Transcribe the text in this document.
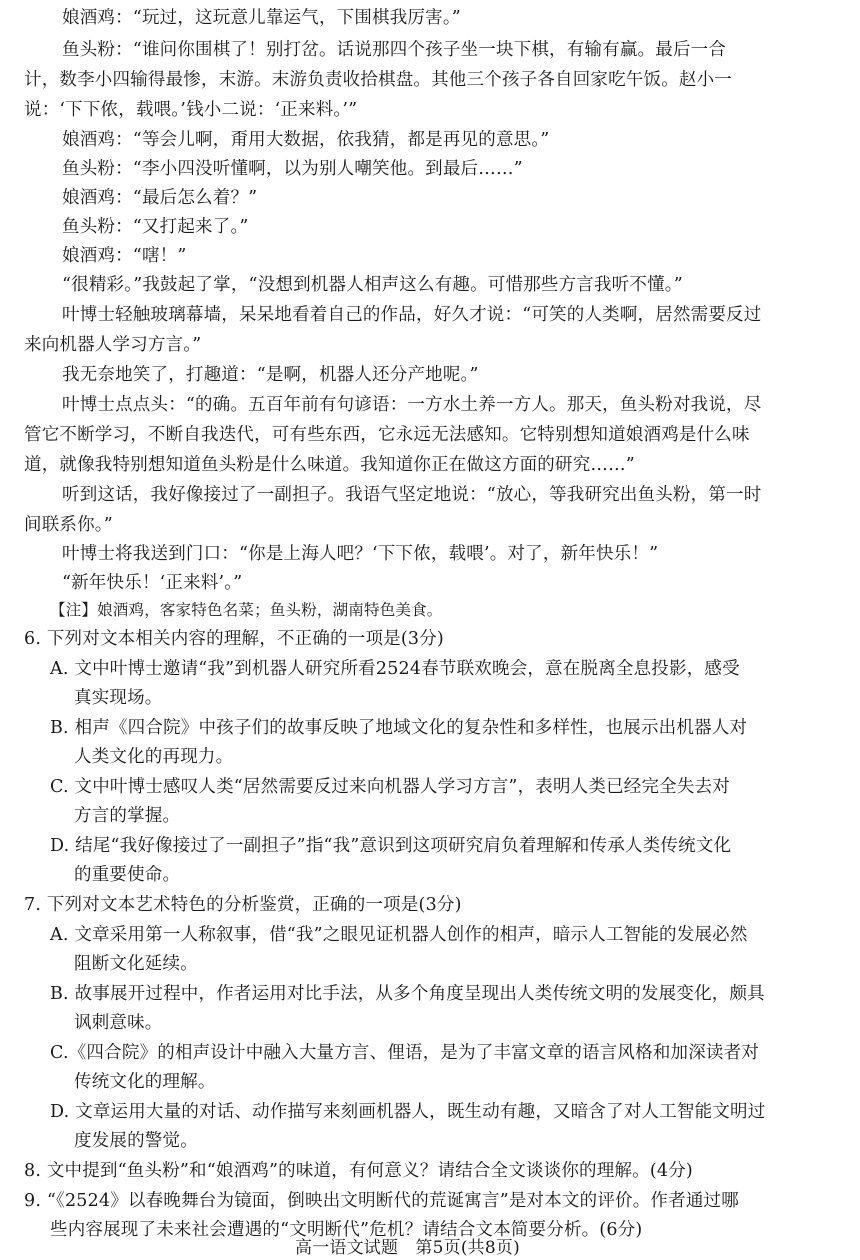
娘酒鸡：“玩过，这玩意儿靠运气，下围棋我厉害。”
鱼头粉：“谁问你围棋了！别打岔。话说那四个孩子坐一块下棋，有输有赢。最后一合
计，数李小四输得最惨，末游。末游负责收拾棋盘。其他三个孩子各自回家吃午饭。赵小一
说：‘下下侬，载喂。’钱小二说：‘正来料。’”
娘酒鸡：“等会儿啊，甭用大数据，依我猜，都是再见的意思。”
鱼头粉：“李小四没听懂啊，以为别人嘲笑他。到最后……”
娘酒鸡：“最后怎么着？”
鱼头粉：“又打起来了。”
娘酒鸡：“嗐！”
“很精彩。”我鼓起了掌，“没想到机器人相声这么有趣。可惜那些方言我听不懂。”
叶博士轻触玻璃幕墙，呆呆地看着自己的作品，好久才说：“可笑的人类啊，居然需要反过
来向机器人学习方言。”
我无奈地笑了，打趣道：“是啊，机器人还分产地呢。”
叶博士点点头：“的确。五百年前有句谚语：一方水土养一方人。那天，鱼头粉对我说，尽
管它不断学习，不断自我迭代，可有些东西，它永远无法感知。它特别想知道娘酒鸡是什么味
道，就像我特别想知道鱼头粉是什么味道。我知道你正在做这方面的研究……”
听到这话，我好像接过了一副担子。我语气坚定地说：“放心，等我研究出鱼头粉，第一时
间联系你。”
叶博士将我送到门口：“你是上海人吧？‘下下侬，载喂’。对了，新年快乐！”
“新年快乐！‘正来料’。”
【注】娘酒鸡，客家特色名菜；鱼头粉，湖南特色美食。
6. 下列对文本相关内容的理解，不正确的一项是(3分)
A. 文中叶博士邀请“我”到机器人研究所看2524春节联欢晚会，意在脱离全息投影，感受
真实现场。
B. 相声《四合院》中孩子们的故事反映了地域文化的复杂性和多样性，也展示出机器人对
人类文化的再现力。
C. 文中叶博士感叹人类“居然需要反过来向机器人学习方言”，表明人类已经完全失去对
方言的掌握。
D. 结尾“我好像接过了一副担子”指“我”意识到这项研究肩负着理解和传承人类传统文化
的重要使命。
7. 下列对文本艺术特色的分析鉴赏，正确的一项是(3分)
A. 文章采用第一人称叙事，借“我”之眼见证机器人创作的相声，暗示人工智能的发展必然
阻断文化延续。
B. 故事展开过程中，作者运用对比手法，从多个角度呈现出人类传统文明的发展变化，颇具
讽刺意味。
C.《四合院》的相声设计中融入大量方言、俚语，是为了丰富文章的语言风格和加深读者对
传统文化的理解。
D. 文章运用大量的对话、动作描写来刻画机器人，既生动有趣，又暗含了对人工智能文明过
度发展的警觉。
8. 文中提到“鱼头粉”和“娘酒鸡”的味道，有何意义？请结合全文谈谈你的理解。(4分)
9. “《2524》以春晚舞台为镜面，倒映出文明断代的荒诞寓言”是对本文的评价。作者通过哪
些内容展现了未来社会遭遇的“文明断代”危机？请结合文本简要分析。(6分)
高一语文试题　第5页(共8页)
